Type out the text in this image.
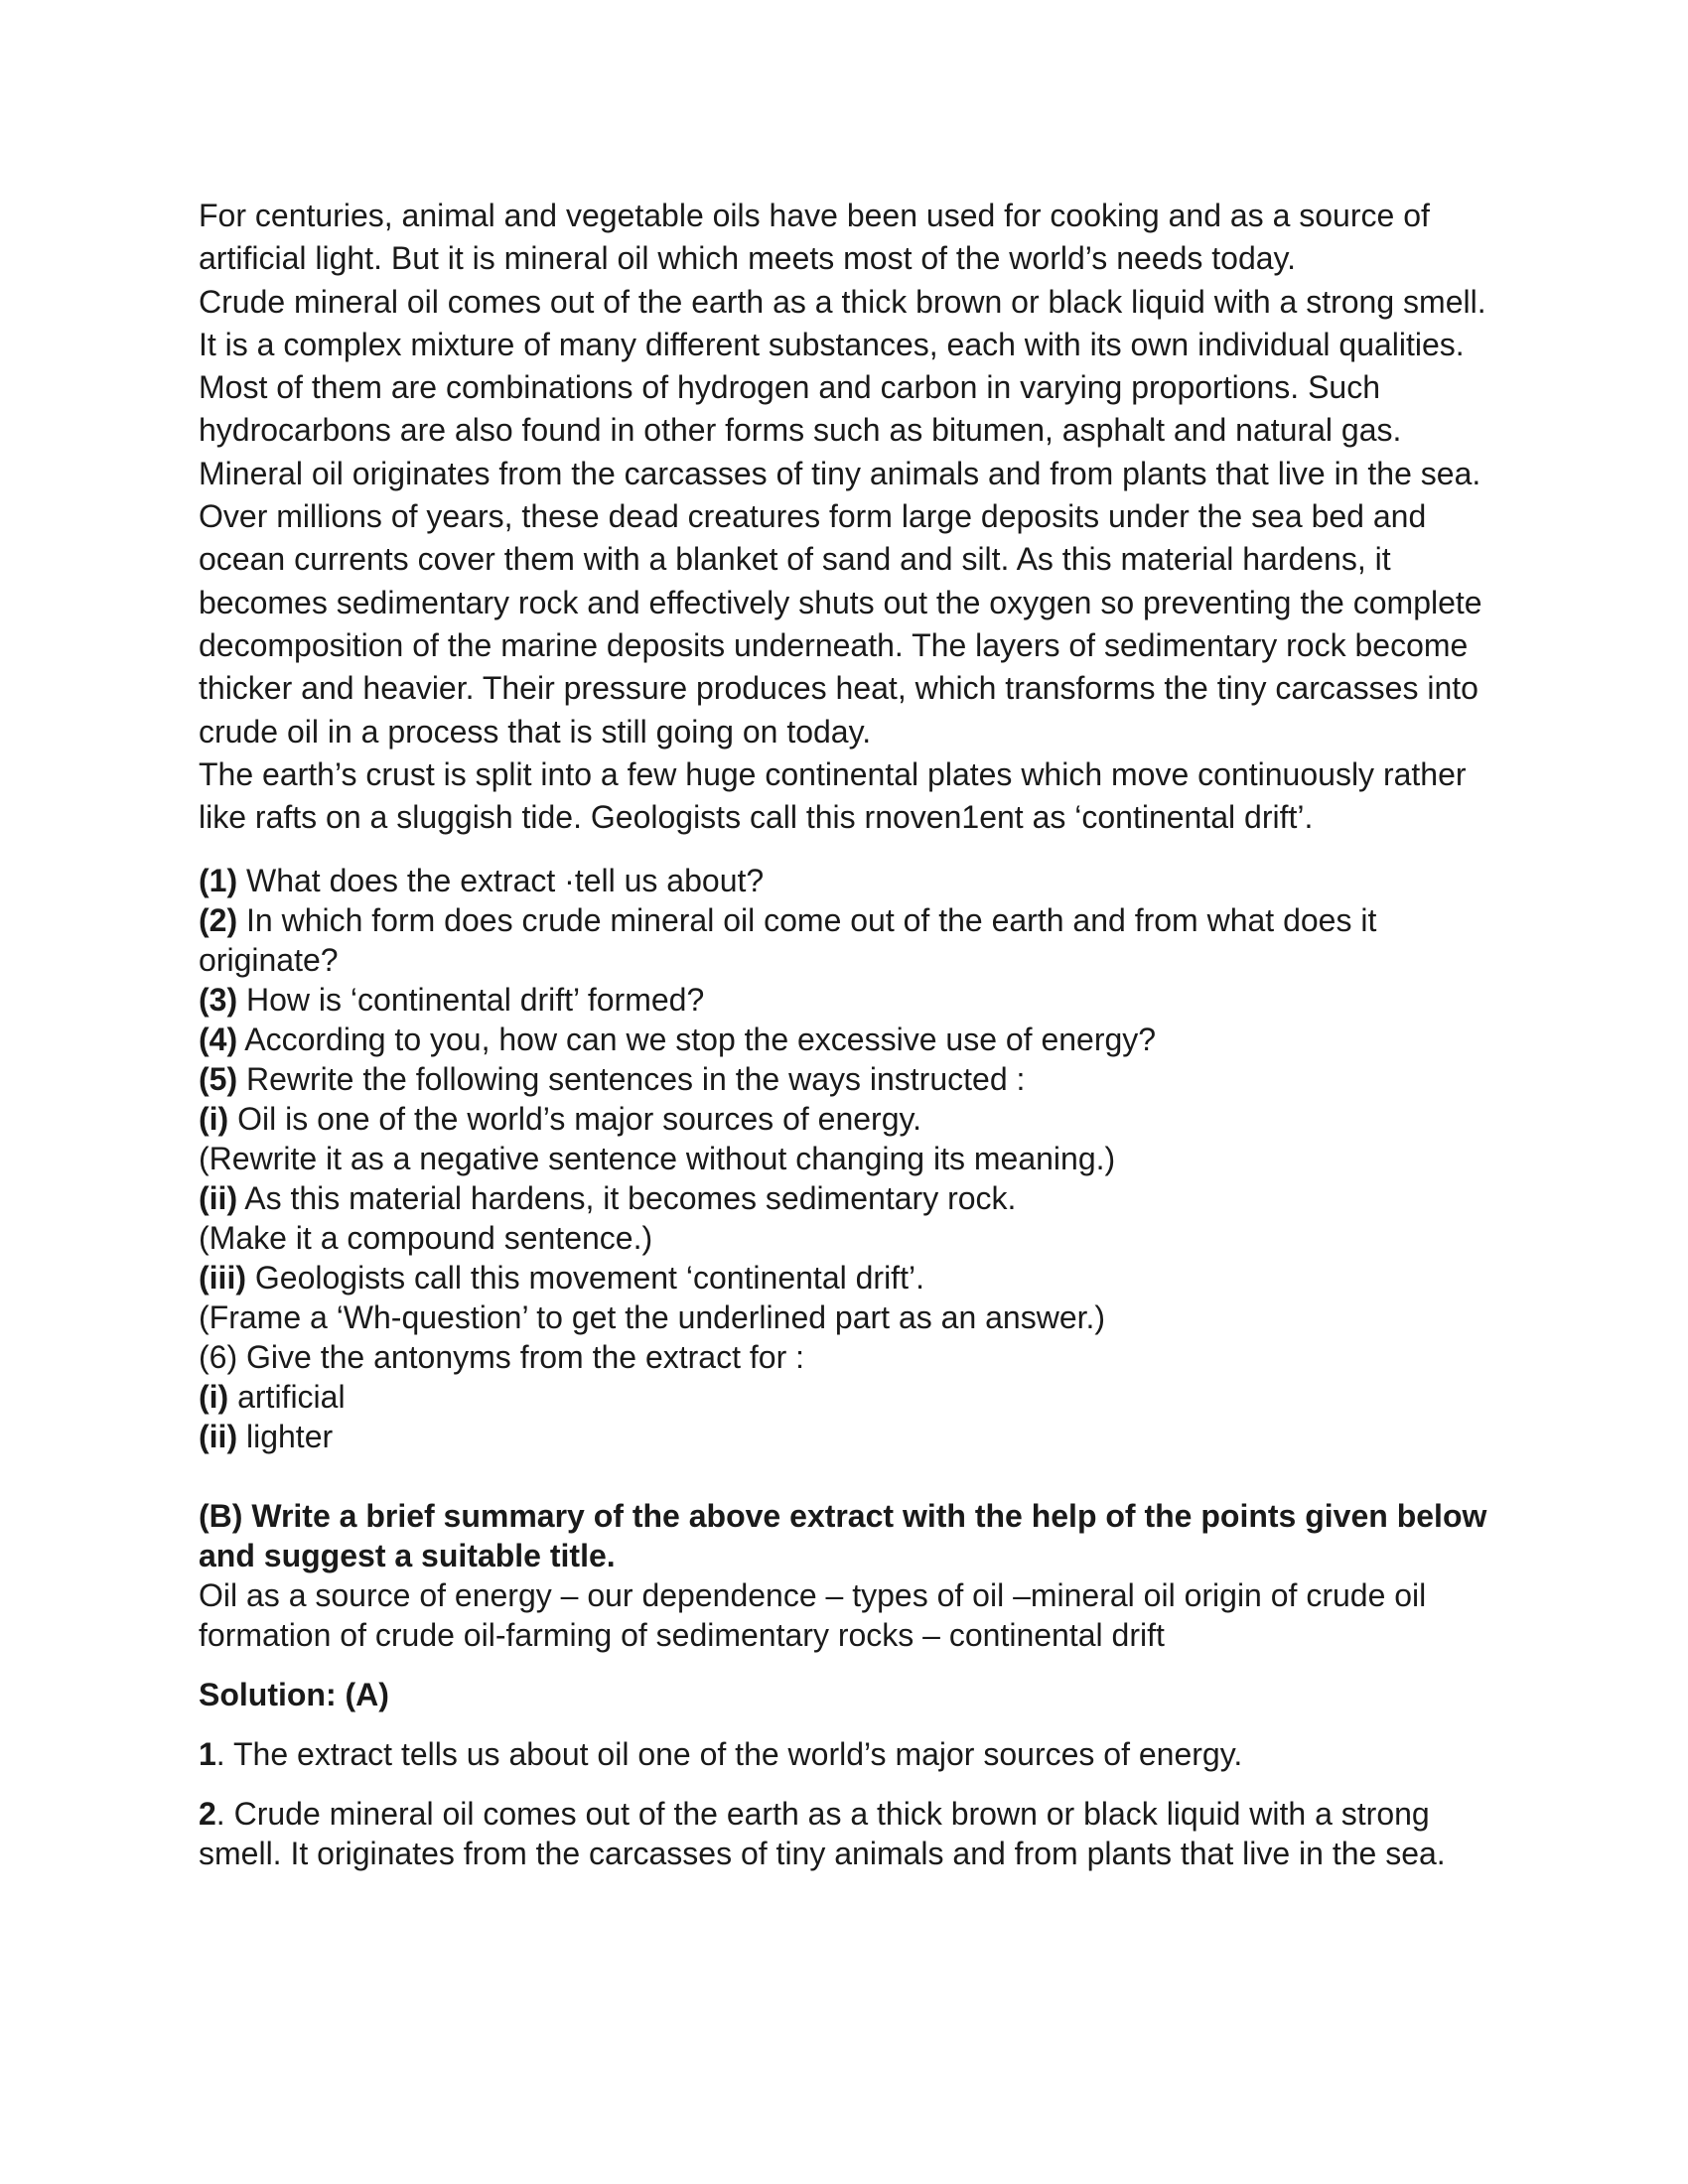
For centuries, animal and vegetable oils have been used for cooking and as a source of artificial light. But it is mineral oil which meets most of the world’s needs today.

Crude mineral oil comes out of the earth as a thick brown or black liquid with a strong smell. It is a complex mixture of many different substances, each with its own individual qualities. Most of them are combinations of hydrogen and carbon in varying proportions. Such hydrocarbons are also found in other forms such as bitumen, asphalt and natural gas. Mineral oil originates from the carcasses of tiny animals and from plants that live in the sea. Over millions of years, these dead creatures form large deposits under the sea bed and ocean currents cover them with a blanket of sand and silt. As this material hardens, it becomes sedimentary rock and effectively shuts out the oxygen so preventing the complete decomposition of the marine deposits underneath. The layers of sedimentary rock become thicker and heavier. Their pressure produces heat, which transforms the tiny carcasses into crude oil in a process that is still going on today.

The earth’s crust is split into a few huge continental plates which move continuously rather like rafts on a sluggish tide. Geologists call this rnoven1ent as ‘continental drift’.

(1) What does the extract ·tell us about?

(2) In which form does crude mineral oil come out of the earth and from what does it originate?

(3) How is ‘continental drift’ formed?

(4) According to you, how can we stop the excessive use of energy?

(5) Rewrite the following sentences in the ways instructed :

(i) Oil is one of the world’s major sources of energy.

(Rewrite it as a negative sentence without changing its meaning.)

(ii) As this material hardens, it becomes sedimentary rock.

(Make it a compound sentence.)

(iii) Geologists call this movement ‘continental drift’.

(Frame a ‘Wh-question’ to get the underlined part as an answer.)

(6) Give the antonyms from the extract for :

(i) artificial

(ii) lighter

(B) Write a brief summary of the above extract with the help of the points given below and suggest a suitable title.

Oil as a source of energy – our dependence – types of oil –mineral oil origin of crude oil formation of crude oil-farming of sedimentary rocks – continental drift

Solution: (A)

1. The extract tells us about oil one of the world’s major sources of energy.

2. Crude mineral oil comes out of the earth as a thick brown or black liquid with a strong smell. It originates from the carcasses of tiny animals and from plants that live in the sea.
